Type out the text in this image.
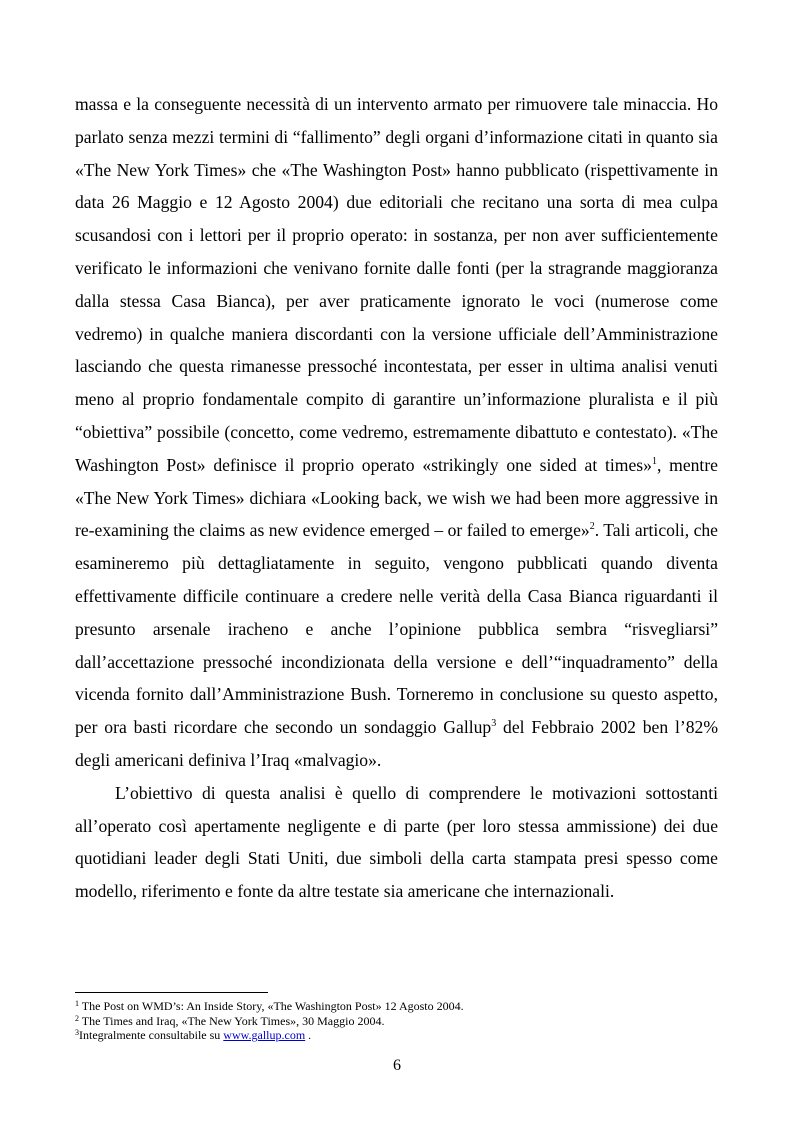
massa e la conseguente necessità di un intervento armato per rimuovere tale minaccia. Ho parlato senza mezzi termini di “fallimento” degli organi d’informazione citati in quanto sia «The New York Times» che «The Washington Post» hanno pubblicato (rispettivamente in data 26 Maggio e 12 Agosto 2004) due editoriali che recitano una sorta di mea culpa scusandosi con i lettori per il proprio operato: in sostanza, per non aver sufficientemente verificato le informazioni che venivano fornite dalle fonti (per la stragrande maggioranza dalla stessa Casa Bianca), per aver praticamente ignorato le voci (numerose come vedremo) in qualche maniera discordanti con la versione ufficiale dell’Amministrazione lasciando che questa rimanesse pressoché incontestata, per esser in ultima analisi venuti meno al proprio fondamentale compito di garantire un’informazione pluralista e il più “obiettiva” possibile (concetto, come vedremo, estremamente dibattuto e contestato). «The Washington Post» definisce il proprio operato «strikingly one sided at times»$^1$, mentre «The New York Times» dichiara «Looking back, we wish we had been more aggressive in re-examining the claims as new evidence emerged – or failed to emerge»$^2$. Tali articoli, che esamineremo più dettagliatamente in seguito, vengono pubblicati quando diventa effettivamente difficile continuare a credere nelle verità della Casa Bianca riguardanti il presunto arsenale iracheno e anche l’opinione pubblica sembra “risvegliarsi” dall’accettazione pressoché incondizionata della versione e dell’“inquadramento” della vicenda fornito dall’Amministrazione Bush. Torneremo in conclusione su questo aspetto, per ora basti ricordare che secondo un sondaggio Gallup$^3$ del Febbraio 2002 ben l’82% degli americani definiva l’Iraq «malvagio».

L’obiettivo di questa analisi è quello di comprendere le motivazioni sottostanti all’operato così apertamente negligente e di parte (per loro stessa ammissione) dei due quotidiani leader degli Stati Uniti, due simboli della carta stampata presi spesso come modello, riferimento e fonte da altre testate sia americane che internazionali.

$^1$ The Post on WMD’s: An Inside Story, «The Washington Post» 12 Agosto 2004.
$^2$ The Times and Iraq, «The New York Times», 30 Maggio 2004.
$^3$Integralmente consultabile su www.gallup.com .
6
